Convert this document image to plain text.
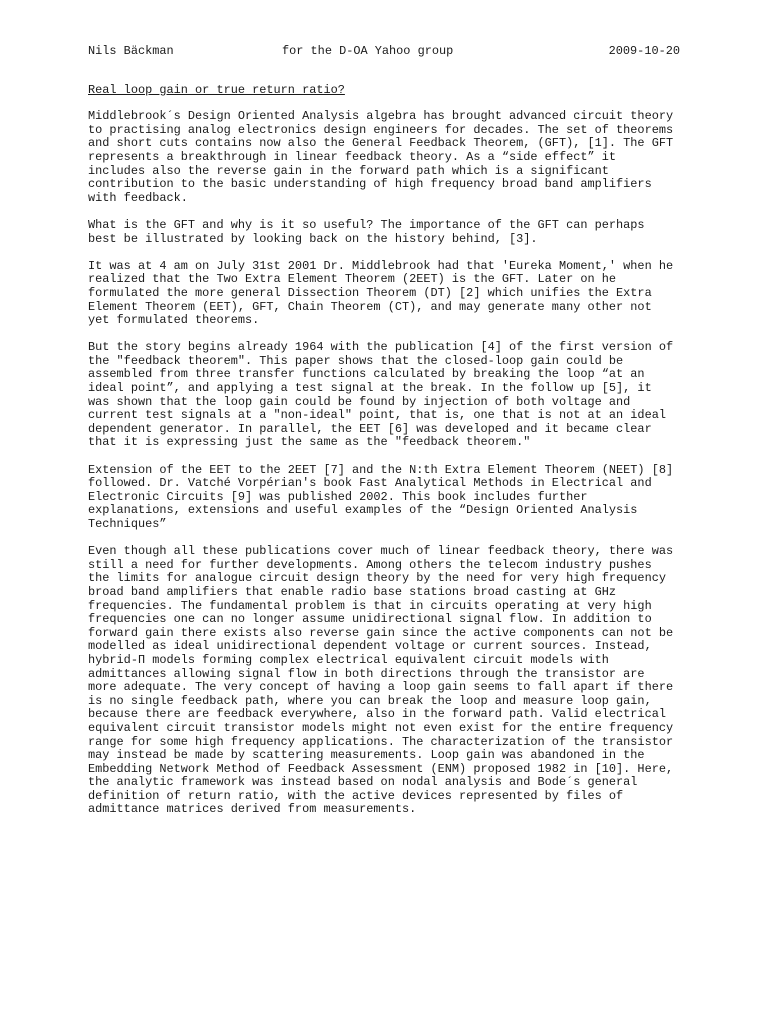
Nils Bäckman	for the D-OA Yahoo group	2009-10-20
Real loop gain or true return ratio?

Middlebrook´s Design Oriented Analysis algebra has brought advanced circuit theory to practising analog electronics design engineers for decades. The set of theorems and short cuts contains now also the General Feedback Theorem, (GFT), [1]. The GFT represents a breakthrough in linear feedback theory. As a “side effect” it includes also the reverse gain in the forward path which is a significant contribution to the basic understanding of high frequency broad band amplifiers with feedback.

What is the GFT and why is it so useful? The importance of the GFT can perhaps best be illustrated by looking back on the history behind, [3].

It was at 4 am on July 31st 2001 Dr. Middlebrook had that 'Eureka Moment,' when he realized that the Two Extra Element Theorem (2EET) is the GFT. Later on he formulated the more general Dissection Theorem (DT) [2] which unifies the Extra Element Theorem (EET), GFT, Chain Theorem (CT), and may generate many other not yet formulated theorems.

But the story begins already 1964 with the publication [4] of the first version of the "feedback theorem". This paper shows that the closed-loop gain could be assembled from three transfer functions calculated by breaking the loop “at an ideal point”, and applying a test signal at the break. In the follow up [5], it was shown that the loop gain could be found by injection of both voltage and current test signals at a "non-ideal" point, that is, one that is not at an ideal dependent generator. In parallel, the EET [6] was developed and it became clear that it is expressing just the same as the "feedback theorem."

Extension of the EET to the 2EET [7] and the N:th Extra Element Theorem (NEET) [8] followed. Dr. Vatché Vorpérian's book Fast Analytical Methods in Electrical and Electronic Circuits [9] was published 2002. This book includes further explanations, extensions and useful examples of the “Design Oriented Analysis Techniques”

Even though all these publications cover much of linear feedback theory, there was still a need for further developments. Among others the telecom industry pushes the limits for analogue circuit design theory by the need for very high frequency broad band amplifiers that enable radio base stations broad casting at GHz frequencies. The fundamental problem is that in circuits operating at very high frequencies one can no longer assume unidirectional signal flow. In addition to forward gain there exists also reverse gain since the active components can not be modelled as ideal unidirectional dependent voltage or current sources. Instead, hybrid-Π models forming complex electrical equivalent circuit models with admittances allowing signal flow in both directions through the transistor are more adequate. The very concept of having a loop gain seems to fall apart if there is no single feedback path, where you can break the loop and measure loop gain, because there are feedback everywhere, also in the forward path. Valid electrical equivalent circuit transistor models might not even exist for the entire frequency range for some high frequency applications. The characterization of the transistor may instead be made by scattering measurements. Loop gain was abandoned in the Embedding Network Method of Feedback Assessment (ENM) proposed 1982 in [10]. Here, the analytic framework was instead based on nodal analysis and Bode´s general definition of return ratio, with the active devices represented by files of admittance matrices derived from measurements.
